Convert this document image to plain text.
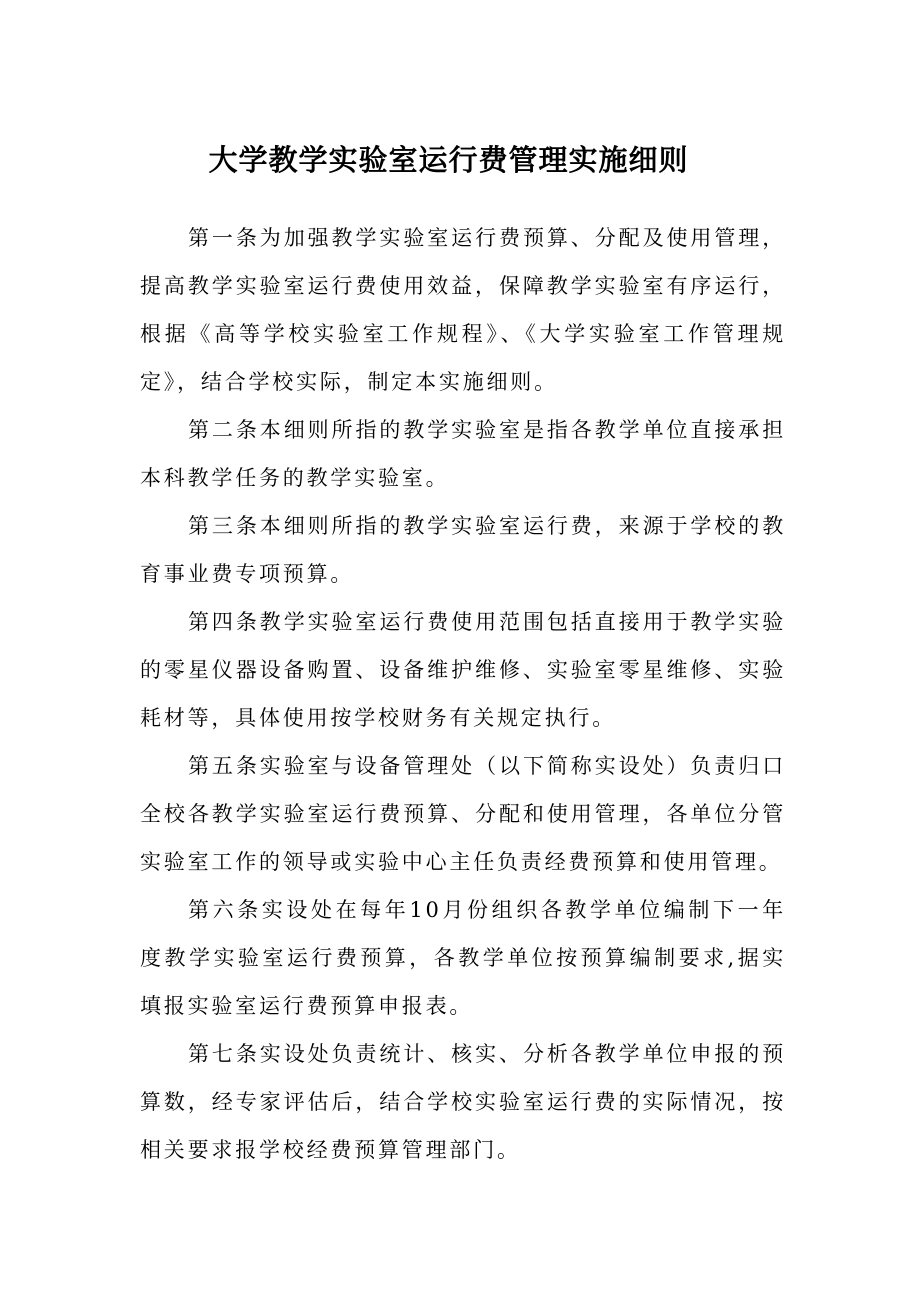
大学教学实验室运行费管理实施细则

第一条为加强教学实验室运行费预算、分配及使用管理，提高教学实验室运行费使用效益，保障教学实验室有序运行，根据《高等学校实验室工作规程》、《大学实验室工作管理规定》，结合学校实际，制定本实施细则。

第二条本细则所指的教学实验室是指各教学单位直接承担本科教学任务的教学实验室。

第三条本细则所指的教学实验室运行费，来源于学校的教育事业费专项预算。

第四条教学实验室运行费使用范围包括直接用于教学实验的零星仪器设备购置、设备维护维修、实验室零星维修、实验耗材等，具体使用按学校财务有关规定执行。

第五条实验室与设备管理处（以下简称实设处）负责归口全校各教学实验室运行费预算、分配和使用管理，各单位分管实验室工作的领导或实验中心主任负责经费预算和使用管理。

第六条实设处在每年10月份组织各教学单位编制下一年度教学实验室运行费预算，各教学单位按预算编制要求,据实填报实验室运行费预算申报表。

第七条实设处负责统计、核实、分析各教学单位申报的预算数，经专家评估后，结合学校实验室运行费的实际情况，按相关要求报学校经费预算管理部门。
